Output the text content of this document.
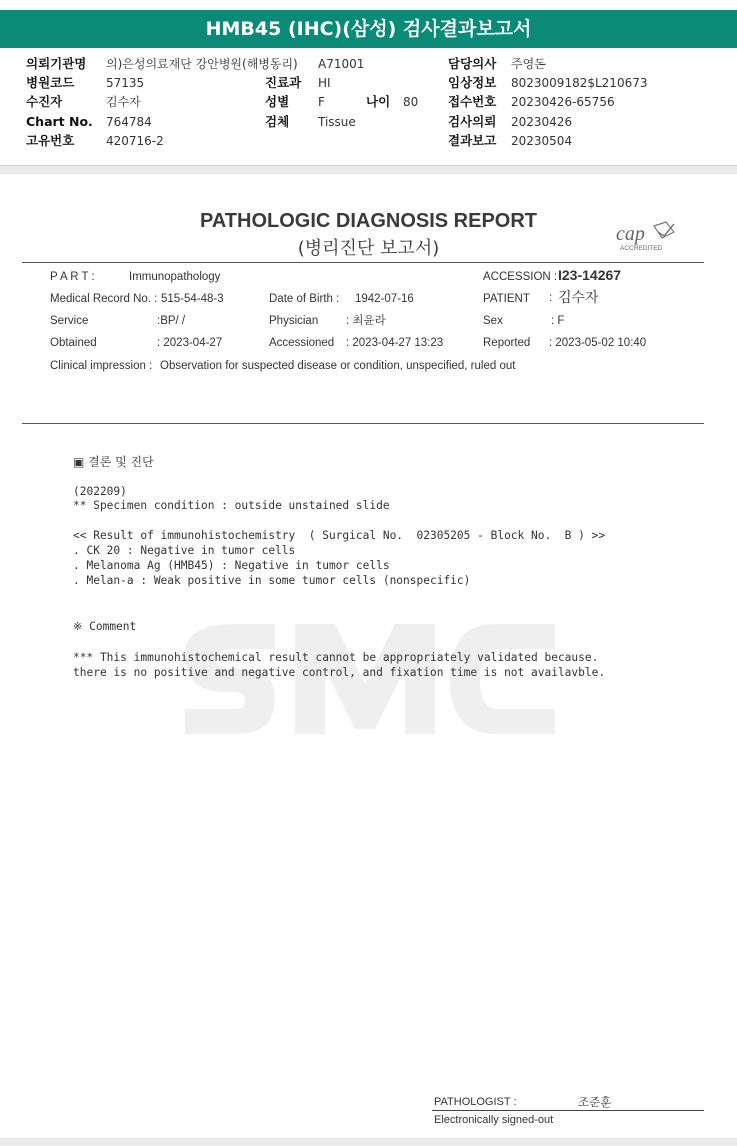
HMB45 (IHC)(삼성) 검사결과보고서
의뢰기관명 의)은성의료재단 강안병원(해병동리) A71001	담당의사 주영돈
병원코드	57135	진료과 HI	임상정보 8023009182$L210673
수진자	김수자	성별 F	나이 80 접수번호 20230426-65756
Chart No. 764784	검체 Tissue	검사의뢰 20230426
고유번호	420716-2	결과보고 20230504
PATHOLOGIC DIAGNOSIS REPORT
(병리진단 보고서)
cap
ACCREDITED
P A R T :	Immunopathology	ACCESSION : I23-14267
Medical Record No. : 515-54-48-3	Date of Birth : 1942-07-16	PATIENT : 김수자
Service	:BP/ /	Physician : 최윤라	Sex	: F
Obtained	: 2023-04-27	Accessioned : 2023-04-27 13:23	Reported : 2023-05-02 10:40
Clinical impression : Observation for suspected disease or condition, unspecified, ruled out
▣ 결론 및 진단
(202209)
** Specimen condition : outside unstained slide
<< Result of immunohistochemistry  ( Surgical No.  02305205 - Block No.  B ) >>
. CK 20 : Negative in tumor cells
. Melanoma Ag (HMB45) : Negative in tumor cells
. Melan-a : Weak positive in some tumor cells (nonspecific)
※ Comment
*** This immunohistochemical result cannot be appropriately validated because.
there is no positive and negative control, and fixation time is not availavble.
PATHOLOGIST :	조준훈
Electronically signed-out
